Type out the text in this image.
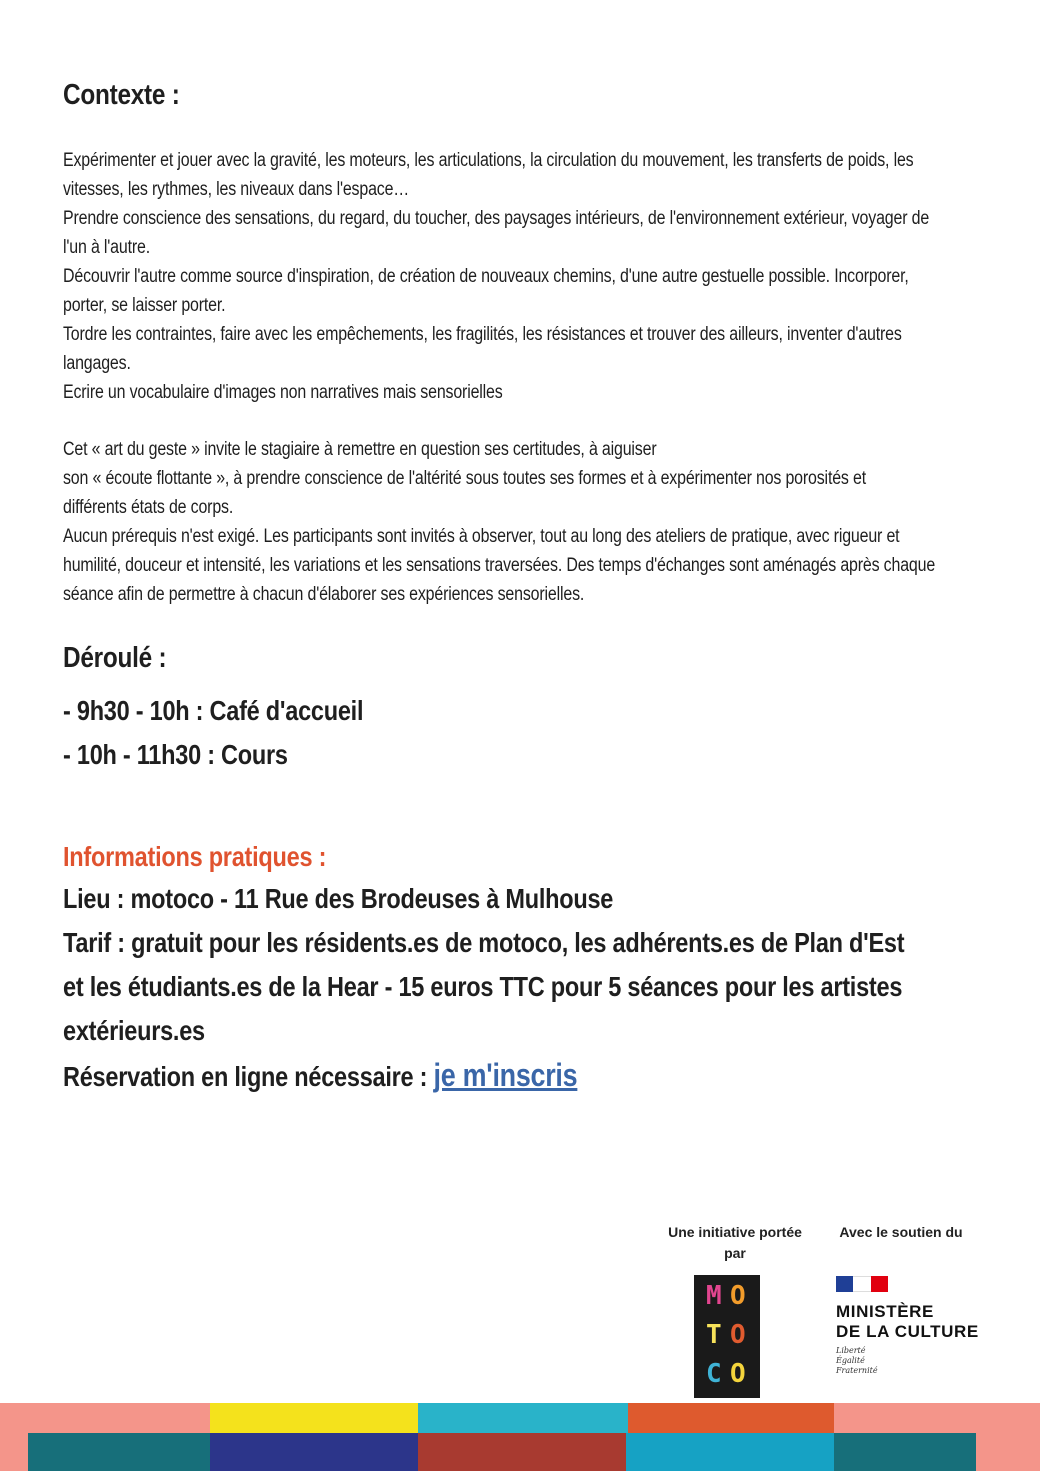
Contexte :

Expérimenter et jouer avec la gravité, les moteurs, les articulations, la circulation du mouvement, les transferts de poids, les

vitesses, les rythmes, les niveaux dans l'espace…

Prendre conscience des sensations, du regard, du toucher, des paysages intérieurs, de l'environnement extérieur, voyager de

l'un à l'autre.

Découvrir l'autre comme source d'inspiration, de création de nouveaux chemins, d'une autre gestuelle possible. Incorporer,

porter, se laisser porter.

Tordre les contraintes, faire avec les empêchements, les fragilités, les résistances et trouver des ailleurs, inventer d'autres

langages.

Ecrire un vocabulaire d'images non narratives mais sensorielles

Cet « art du geste » invite le stagiaire à remettre en question ses certitudes, à aiguiser

son « écoute flottante », à prendre conscience de l'altérité sous toutes ses formes et à expérimenter nos porosités et

différents états de corps.

Aucun prérequis n'est exigé. Les participants sont invités à observer, tout au long des ateliers de pratique, avec rigueur et

humilité, douceur et intensité, les variations et les sensations traversées. Des temps d'échanges sont aménagés après chaque

séance afin de permettre à chacun d'élaborer ses expériences sensorielles.

Déroulé :

- 9h30 - 10h : Café d'accueil

- 10h - 11h30 : Cours

Informations pratiques :

Lieu : motoco - 11 Rue des Brodeuses à Mulhouse

Tarif : gratuit pour les résidents.es de motoco, les adhérents.es de Plan d'Est

et les étudiants.es de la Hear - 15 euros TTC pour 5 séances pour les artistes

extérieurs.es

Réservation en ligne nécessaire : je m'inscris

Une initiative portée
par
Avec le soutien du
M O
T O
C O
MINISTÈRE
DE LA CULTURE
Liberté
Égalité
Fraternité
